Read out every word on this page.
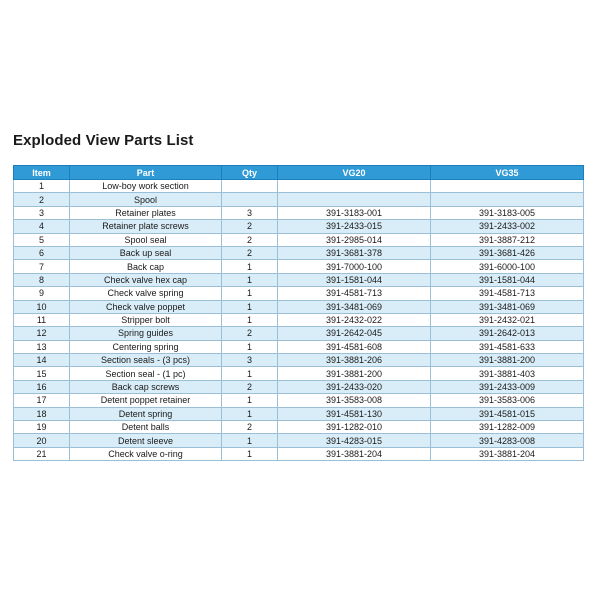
Exploded View Parts List
Item	Part	Qty	VG20	VG35
1	Low-boy work section			
2	Spool			
3	Retainer plates	3	391-3183-001	391-3183-005
4	Retainer plate screws	2	391-2433-015	391-2433-002
5	Spool seal	2	391-2985-014	391-3887-212
6	Back up seal	2	391-3681-378	391-3681-426
7	Back cap	1	391-7000-100	391-6000-100
8	Check valve hex cap	1	391-1581-044	391-1581-044
9	Check valve spring	1	391-4581-713	391-4581-713
10	Check valve poppet	1	391-3481-069	391-3481-069
11	Stripper bolt	1	391-2432-022	391-2432-021
12	Spring guides	2	391-2642-045	391-2642-013
13	Centering spring	1	391-4581-608	391-4581-633
14	Section seals - (3 pcs)	3	391-3881-206	391-3881-200
15	Section seal - (1 pc)	1	391-3881-200	391-3881-403
16	Back cap screws	2	391-2433-020	391-2433-009
17	Detent poppet retainer	1	391-3583-008	391-3583-006
18	Detent spring	1	391-4581-130	391-4581-015
19	Detent balls	2	391-1282-010	391-1282-009
20	Detent sleeve	1	391-4283-015	391-4283-008
21	Check valve o-ring	1	391-3881-204	391-3881-204
